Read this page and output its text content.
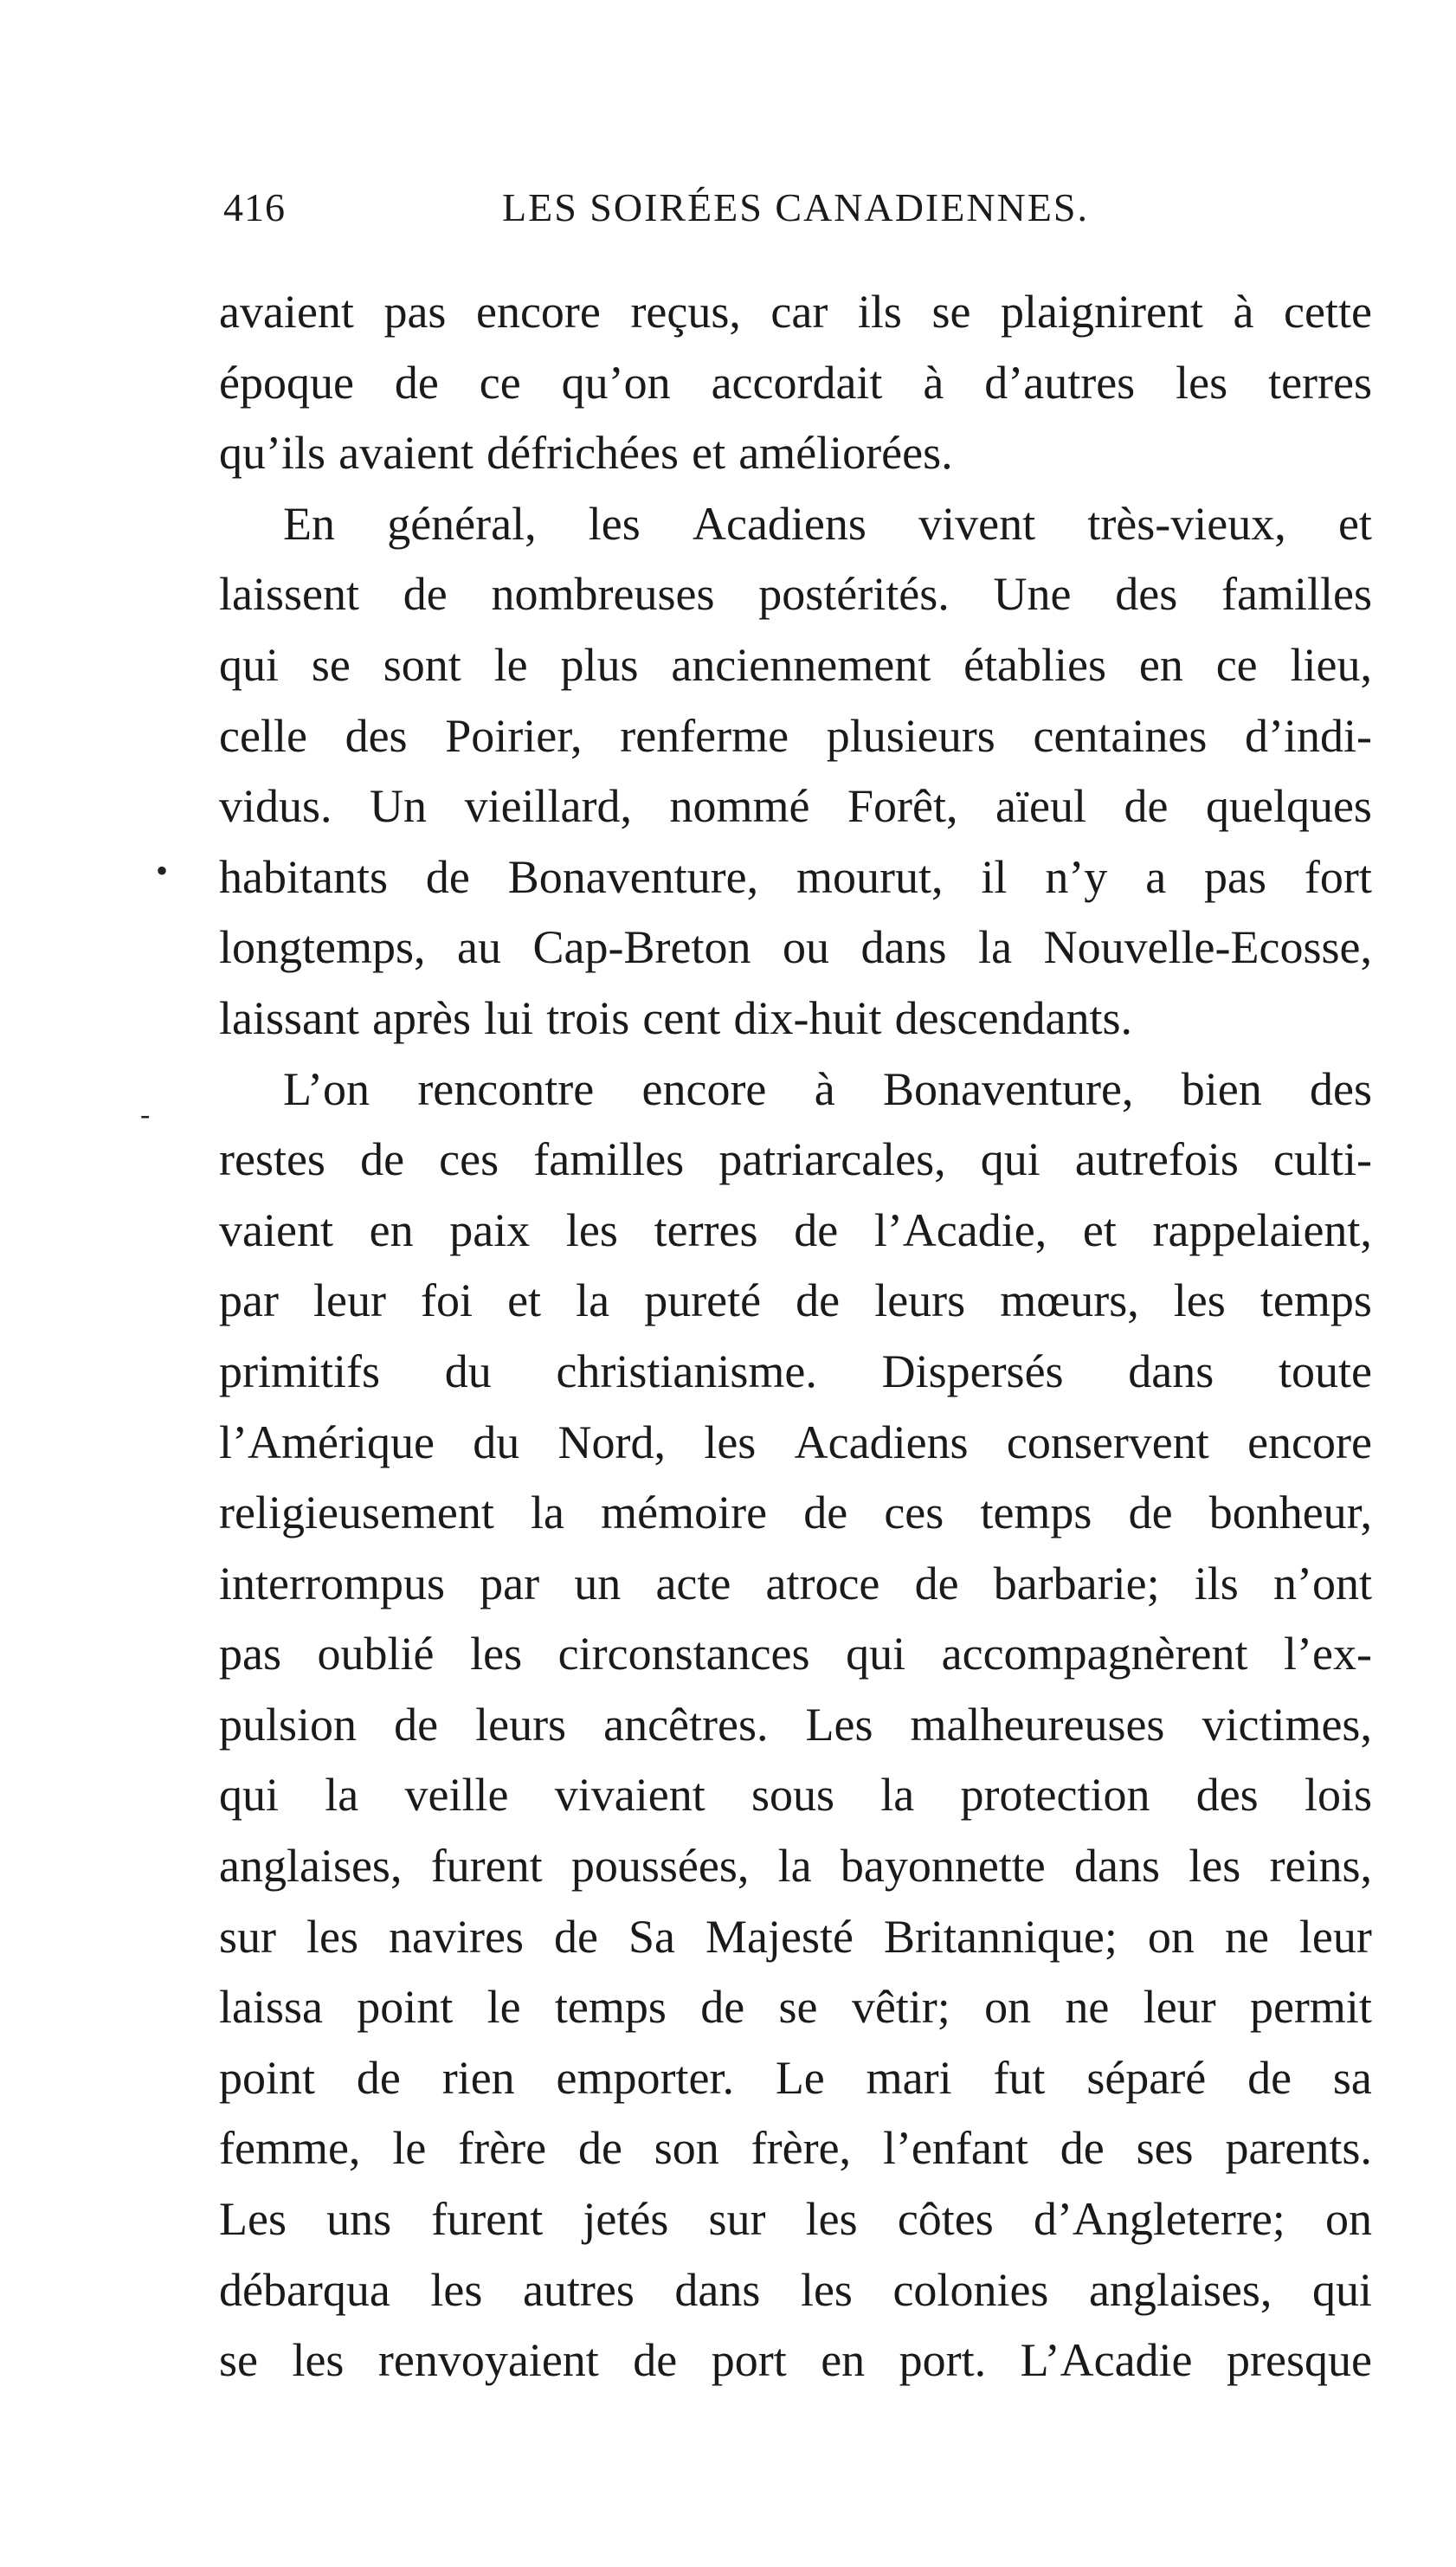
416	LES SOIRÉES CANADIENNES.
•
-
avaient pas encore reçus, car ils se plaignirent à cette
époque de ce qu’on accordait à d’autres les terres
qu’ils avaient défrichées et améliorées.
En général, les Acadiens vivent très-vieux, et
laissent de nombreuses postérités. Une des familles
qui se sont le plus anciennement établies en ce lieu,
celle des Poirier, renferme plusieurs centaines d’indi-
vidus. Un vieillard, nommé Forêt, aïeul de quelques
habitants de Bonaventure, mourut, il n’y a pas fort
longtemps, au Cap-Breton ou dans la Nouvelle-Ecosse,
laissant après lui trois cent dix-huit descendants.
L’on rencontre encore à Bonaventure, bien des
restes de ces familles patriarcales, qui autrefois culti-
vaient en paix les terres de l’Acadie, et rappelaient,
par leur foi et la pureté de leurs mœurs, les temps
primitifs du christianisme. Dispersés dans toute
l’Amérique du Nord, les Acadiens conservent encore
religieusement la mémoire de ces temps de bonheur,
interrompus par un acte atroce de barbarie; ils n’ont
pas oublié les circonstances qui accompagnèrent l’ex-
pulsion de leurs ancêtres. Les malheureuses victimes,
qui la veille vivaient sous la protection des lois
anglaises, furent poussées, la bayonnette dans les reins,
sur les navires de Sa Majesté Britannique; on ne leur
laissa point le temps de se vêtir; on ne leur permit
point de rien emporter. Le mari fut séparé de sa
femme, le frère de son frère, l’enfant de ses parents.
Les uns furent jetés sur les côtes d’Angleterre; on
débarqua les autres dans les colonies anglaises, qui
se les renvoyaient de port en port. L’Acadie presque
